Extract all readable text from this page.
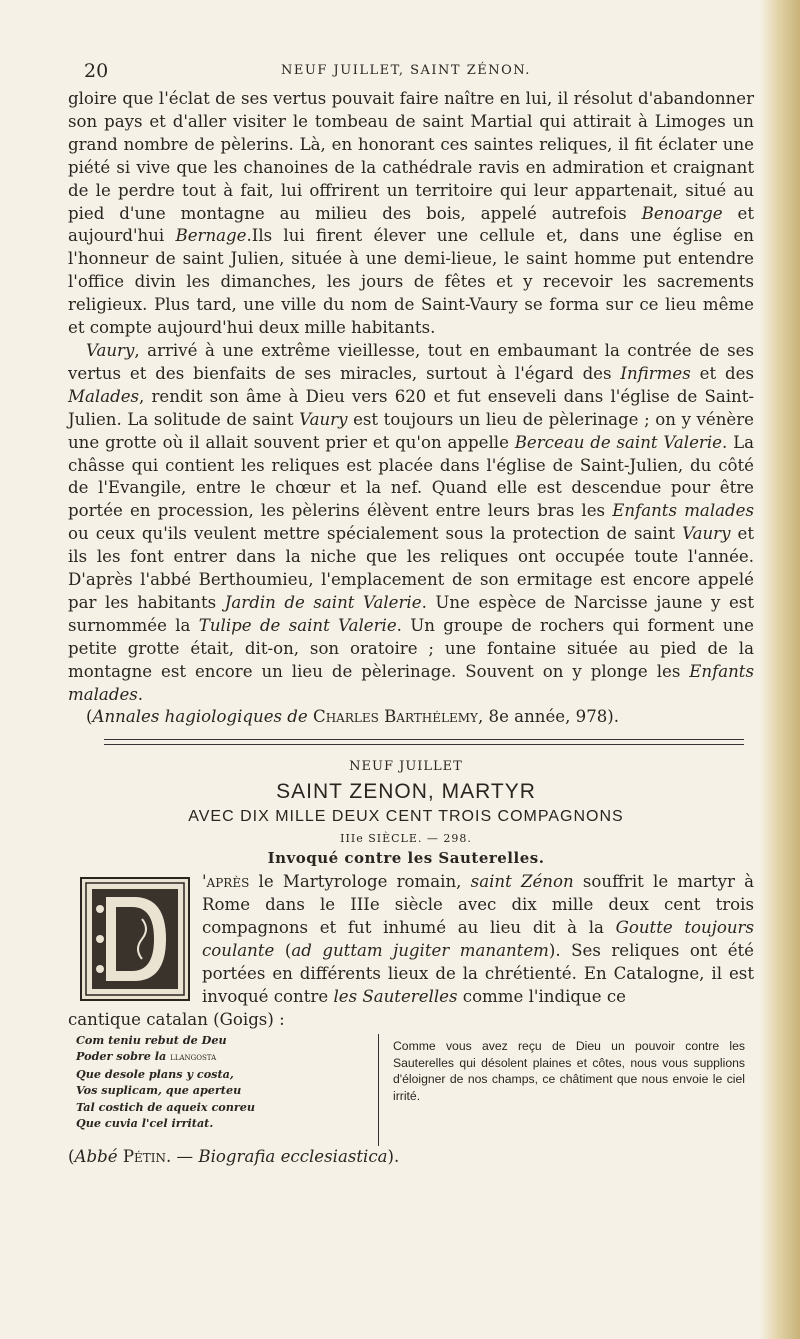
20	NEUF JUILLET, SAINT ZÉNON.

gloire que l'éclat de ses vertus pouvait faire naître en lui, il résolut d'abandonner son pays et d'aller visiter le tombeau de saint Martial qui attirait à Limoges un grand nombre de pèlerins. Là, en honorant ces saintes reliques, il fit éclater une piété si vive que les chanoines de la cathédrale ravis en admiration et craignant de le perdre tout à fait, lui offrirent un territoire qui leur appartenait, situé au pied d'une montagne au milieu des bois, appelé autrefois Benoarge et aujourd'hui Bernage.Ils lui firent élever une cellule et, dans une église en l'honneur de saint Julien, située à une demi-lieue, le saint homme put entendre l'office divin les dimanches, les jours de fêtes et y recevoir les sacrements religieux. Plus tard, une ville du nom de Saint-Vaury se forma sur ce lieu même et compte aujourd'hui deux mille habitants.

Vaury, arrivé à une extrême vieillesse, tout en embaumant la contrée de ses vertus et des bienfaits de ses miracles, surtout à l'égard des Infirmes et des Malades, rendit son âme à Dieu vers 620 et fut enseveli dans l'église de Saint-Julien. La solitude de saint Vaury est toujours un lieu de pèlerinage ; on y vénère une grotte où il allait souvent prier et qu'on appelle Berceau de saint Valerie. La châsse qui contient les reliques est placée dans l'église de Saint-Julien, du côté de l'Evangile, entre le chœur et la nef. Quand elle est descendue pour être portée en procession, les pèlerins élèvent entre leurs bras les Enfants malades ou ceux qu'ils veulent mettre spécialement sous la protection de saint Vaury et ils les font entrer dans la niche que les reliques ont occupée toute l'année. D'après l'abbé Berthoumieu, l'emplacement de son ermitage est encore appelé par les habitants Jardin de saint Valerie. Une espèce de Narcisse jaune y est surnommée la Tulipe de saint Valerie. Un groupe de rochers qui forment une petite grotte était, dit-on, son oratoire ; une fontaine située au pied de la montagne est encore un lieu de pèlerinage. Souvent on y plonge les Enfants malades.

(Annales hagiologiques de Charles Barthélemy, 8e année, 978).

NEUF JUILLET
SAINT ZENON, MARTYR
AVEC DIX MILLE DEUX CENT TROIS COMPAGNONS
IIIe SIÈCLE. — 298.
Invoqué contre les Sauterelles.
'après le Martyrologe romain, saint Zénon souffrit le martyr à Rome dans le IIIe siècle avec dix mille deux cent trois compagnons et fut inhumé au lieu dit à la Goutte toujours coulante (ad guttam jugiter manantem). Ses reliques ont été portées en différents lieux de la chrétienté. En Catalogne, il est invoqué contre les Sauterelles comme l'indique ce
cantique catalan (Goigs) :
Com teniu rebut de Deu
Poder sobre la llangosta
Que desole plans y costa,
Vos suplicam, que aperteu
Tal costich de aqueix conreu
Que cuvia l'cel irritat.
Comme vous avez reçu de Dieu un pouvoir contre les Sauterelles qui désolent plaines et côtes, nous vous supplions d'éloigner de nos champs, ce châtiment que nous envoie le ciel irrité.
(Abbé Pétin. — Biografia ecclesiastica).
